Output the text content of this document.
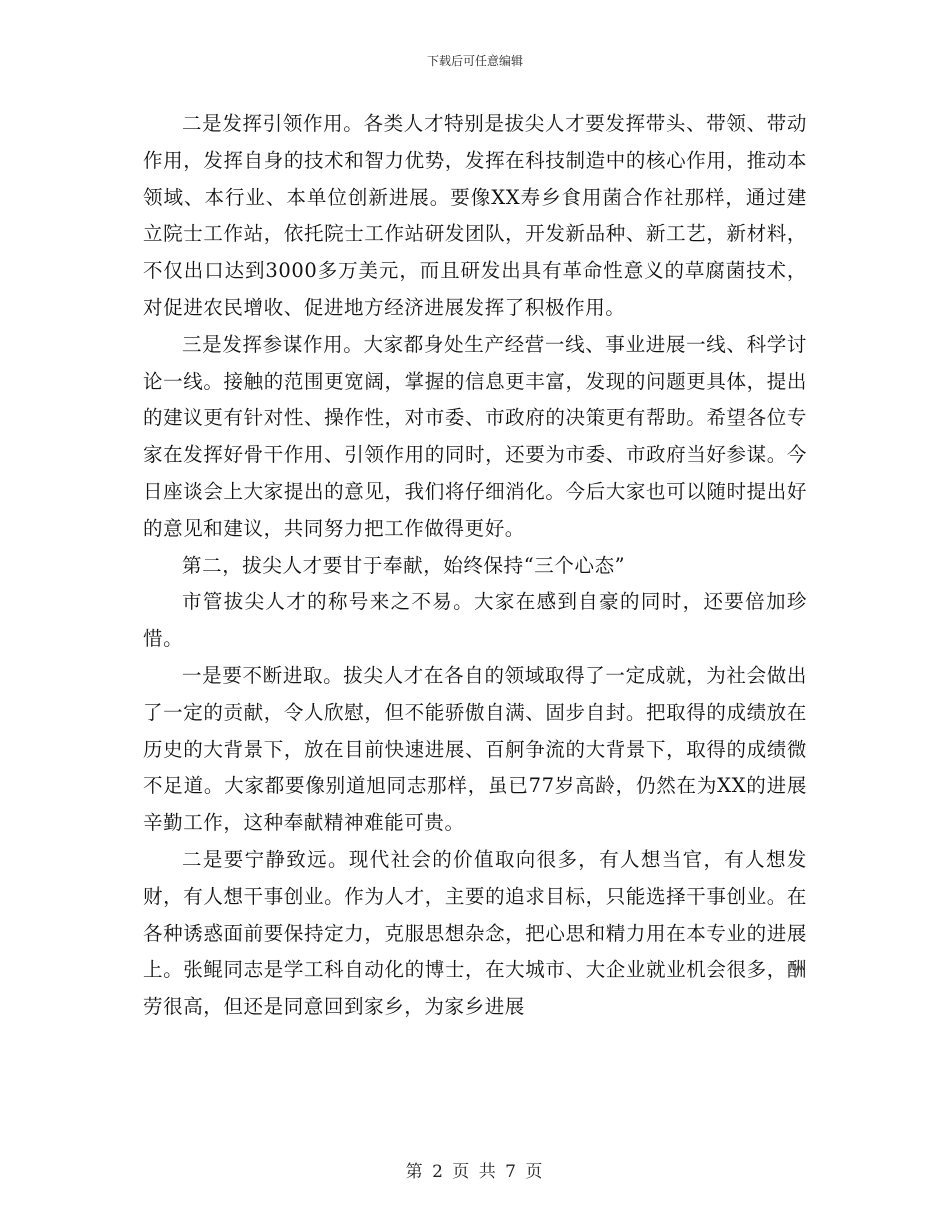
下载后可任意编辑

二是发挥引领作用。各类人才特别是拔尖人才要发挥带头、带领、带动作用，发挥自身的技术和智力优势，发挥在科技制造中的核心作用，推动本领域、本行业、本单位创新进展。要像XX寿乡食用菌合作社那样，通过建立院士工作站，依托院士工作站研发团队，开发新品种、新工艺，新材料，不仅出口达到3000多万美元，而且研发出具有革命性意义的草腐菌技术，对促进农民增收、促进地方经济进展发挥了积极作用。

三是发挥参谋作用。大家都身处生产经营一线、事业进展一线、科学讨论一线。接触的范围更宽阔，掌握的信息更丰富，发现的问题更具体，提出的建议更有针对性、操作性，对市委、市政府的决策更有帮助。希望各位专家在发挥好骨干作用、引领作用的同时，还要为市委、市政府当好参谋。今日座谈会上大家提出的意见，我们将仔细消化。今后大家也可以随时提出好的意见和建议，共同努力把工作做得更好。

第二，拔尖人才要甘于奉献，始终保持“三个心态”

市管拔尖人才的称号来之不易。大家在感到自豪的同时，还要倍加珍惜。

一是要不断进取。拔尖人才在各自的领域取得了一定成就，为社会做出了一定的贡献，令人欣慰，但不能骄傲自满、固步自封。把取得的成绩放在历史的大背景下，放在目前快速进展、百舸争流的大背景下，取得的成绩微不足道。大家都要像别道旭同志那样，虽已77岁高龄，仍然在为XX的进展辛勤工作，这种奉献精神难能可贵。

二是要宁静致远。现代社会的价值取向很多，有人想当官，有人想发财，有人想干事创业。作为人才，主要的追求目标，只能选择干事创业。在各种诱惑面前要保持定力，克服思想杂念，把心思和精力用在本专业的进展上。张鲲同志是学工科自动化的博士，在大城市、大企业就业机会很多，酬劳很高，但还是同意回到家乡，为家乡进展

第 2 页 共 7 页
